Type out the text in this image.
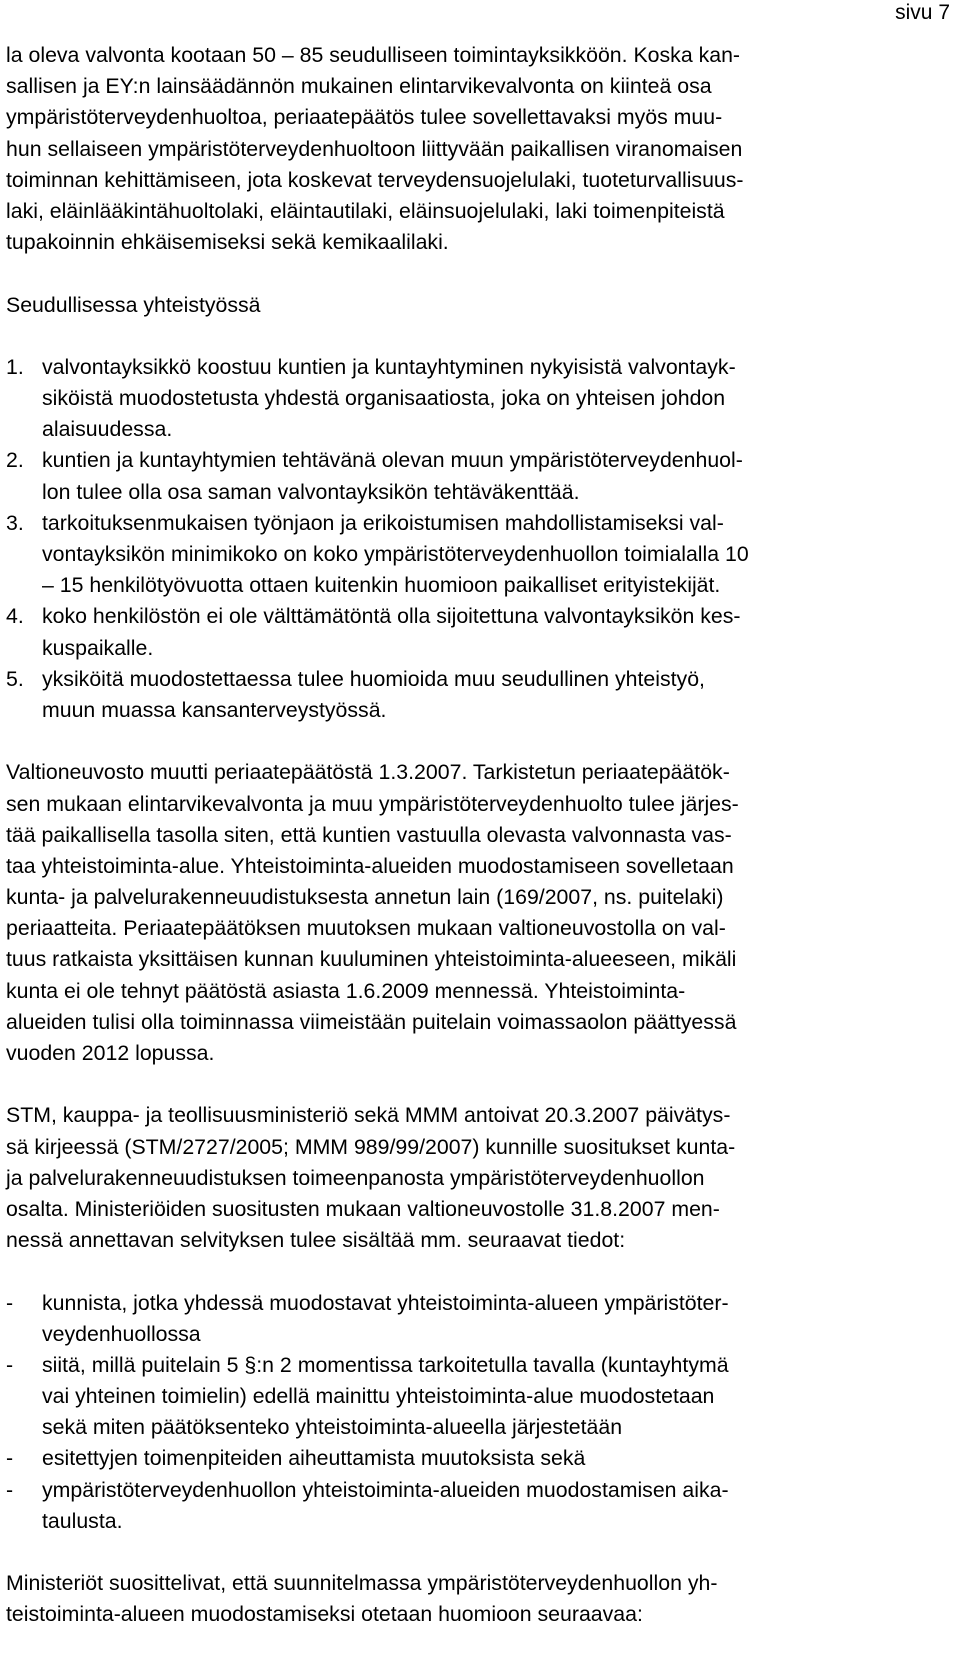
sivu 7
la oleva valvonta kootaan 50 – 85 seudulliseen toimintayksikköön. Koska kan-
sallisen ja EY:n lainsäädännön mukainen elintarvikevalvonta on kiinteä osa
ympäristöterveydenhuoltoa, periaatepäätös tulee sovellettavaksi myös muu-
hun sellaiseen ympäristöterveydenhuoltoon liittyvään paikallisen viranomaisen
toiminnan kehittämiseen, jota koskevat terveydensuojelulaki, tuoteturvallisuus-
laki, eläinlääkintähuoltolaki, eläintautilaki, eläinsuojelulaki, laki toimenpiteistä
tupakoinnin ehkäisemiseksi sekä kemikaalilaki.
Seudullisessa yhteistyössä
1. valvontayksikkö koostuu kuntien ja kuntayhtyminen nykyisistä valvontayk-
siköistä muodostetusta yhdestä organisaatiosta, joka on yhteisen johdon
alaisuudessa.
2. kuntien ja kuntayhtymien tehtävänä olevan muun ympäristöterveydenhuol-
lon tulee olla osa saman valvontayksikön tehtäväkenttää.
3. tarkoituksenmukaisen työnjaon ja erikoistumisen mahdollistamiseksi val-
vontayksikön minimikoko on koko ympäristöterveydenhuollon toimialalla 10
– 15 henkilötyövuotta ottaen kuitenkin huomioon paikalliset erityistekijät.
4. koko henkilöstön ei ole välttämätöntä olla sijoitettuna valvontayksikön kes-
kuspaikalle.
5. yksiköitä muodostettaessa tulee huomioida muu seudullinen yhteistyö,
muun muassa kansanterveystyössä.
Valtioneuvosto muutti periaatepäätöstä 1.3.2007. Tarkistetun periaatepäätök-
sen mukaan elintarvikevalvonta ja muu ympäristöterveydenhuolto tulee järjes-
tää paikallisella tasolla siten, että kuntien vastuulla olevasta valvonnasta vas-
taa yhteistoiminta-alue. Yhteistoiminta-alueiden muodostamiseen sovelletaan
kunta- ja palvelurakenneuudistuksesta annetun lain (169/2007, ns. puitelaki)
periaatteita. Periaatepäätöksen muutoksen mukaan valtioneuvostolla on val-
tuus ratkaista yksittäisen kunnan kuuluminen yhteistoiminta-alueeseen, mikäli
kunta ei ole tehnyt päätöstä asiasta 1.6.2009 mennessä. Yhteistoiminta-
alueiden tulisi olla toiminnassa viimeistään puitelain voimassaolon päättyessä
vuoden 2012 lopussa.
STM, kauppa- ja teollisuusministeriö sekä MMM antoivat 20.3.2007 päivätys-
sä kirjeessä (STM/2727/2005; MMM 989/99/2007) kunnille suositukset kunta-
ja palvelurakenneuudistuksen toimeenpanosta ympäristöterveydenhuollon
osalta. Ministeriöiden suositusten mukaan valtioneuvostolle 31.8.2007 men-
nessä annettavan selvityksen tulee sisältää mm. seuraavat tiedot:
- kunnista, jotka yhdessä muodostavat yhteistoiminta-alueen ympäristöter-
veydenhuollossa
- siitä, millä puitelain 5 §:n 2 momentissa tarkoitetulla tavalla (kuntayhtymä
vai yhteinen toimielin) edellä mainittu yhteistoiminta-alue muodostetaan
sekä miten päätöksenteko yhteistoiminta-alueella järjestetään
- esitettyjen toimenpiteiden aiheuttamista muutoksista sekä
- ympäristöterveydenhuollon yhteistoiminta-alueiden muodostamisen aika-
taulusta.
Ministeriöt suosittelivat, että suunnitelmassa ympäristöterveydenhuollon yh-
teistoiminta-alueen muodostamiseksi otetaan huomioon seuraavaa:
